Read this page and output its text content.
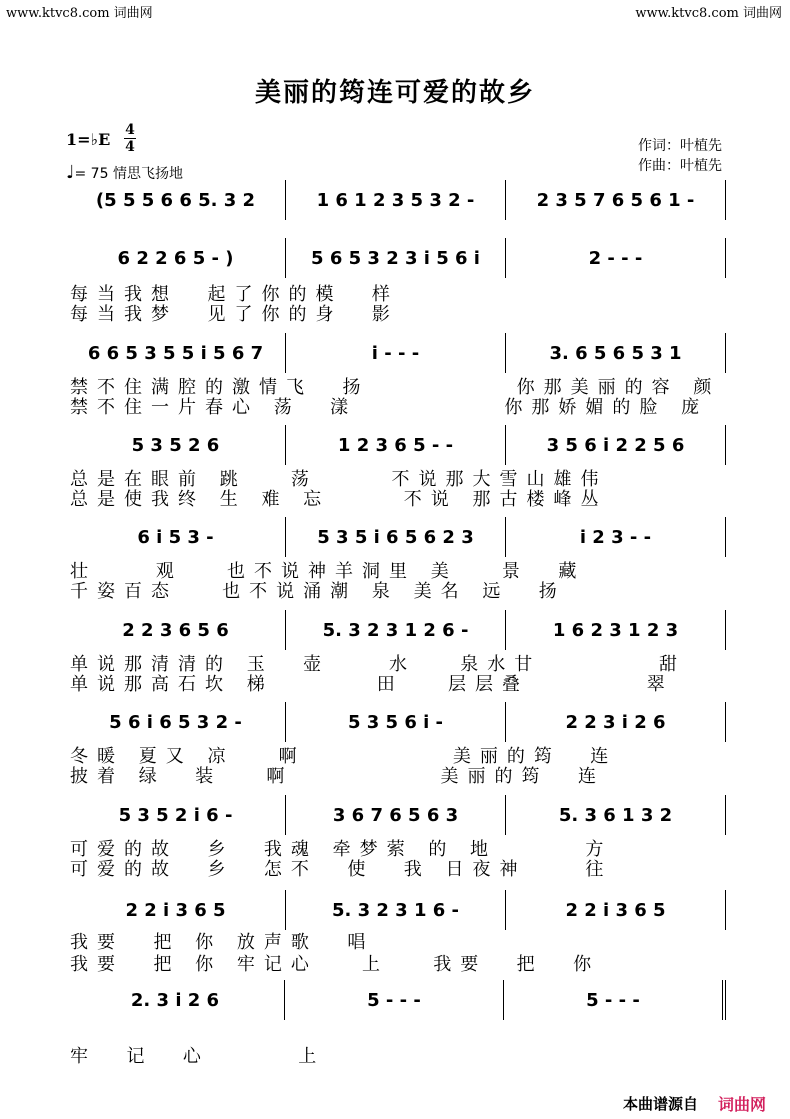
www.ktvc8.com 词曲网	www.ktvc8.com 词曲网
美丽的筠连可爱的故乡
1=♭E 4
4
♩= 75 情思飞扬地
作词：叶植先
作曲：叶植先
(5 5 5 6 6 5. 3 2	1 6 1 2 3 5 3 2 -	2 3 5 7 6 5 6 1 -
6 2 2 6 5 - )	5 6 5 3 2 3 i 5 6 i	2 - - -
每当我想  起了你的模  样
每当我梦  见了你的身  影
6 6 5 3 5 5 i 5 6 7	i - - -	3. 6 5 6 5 3 1
禁不住满腔的激情飞  扬          你那美丽的容 颜
禁不住一片春心 荡  漾          你那娇媚的脸 庞
5 3 5 2 6	1 2 3 6 5 - -	3 5 6 i 2 2 5 6
总是在眼前 跳   荡     不说那大雪山雄伟
总是使我终 生 难 忘     不说 那古楼峰丛
6 i 5 3 -	5 3 5 i 6 5 6 2 3	i 2 3 - -
壮    观   也不说神羊洞里 美   景  藏
千姿百态   也不说涌潮 泉 美名 远  扬
2 2 3 6 5 6	5. 3 2 3 1 2 6 -	1 6 2 3 1 2 3
单说那清清的 玉  壶    水   泉水甘        甜
单说那高石坎 梯       田   层层叠        翠
5 6 i 6 5 3 2 -	5 3 5 6 i -	2 2 3 i 2 6
冬暖 夏又 凉   啊          美丽的筠  连
披着 绿  装   啊          美丽的筠  连
5 3 5 2 i 6 -	3 6 7 6 5 6 3	5. 3 6 1 3 2
可爱的故  乡  我魂 牵梦萦 的 地      方
可爱的故  乡  怎不  使  我 日夜神    往
2 2 i 3 6 5	5. 3 2 3 1 6 -	2 2 i 3 6 5
我要  把 你 放声歌  唱
我要  把 你 牢记心   上   我要  把  你
2. 3 i 2 6	5 - - -	5 - - -
牢  记  心      上
本曲谱源自 词曲网
